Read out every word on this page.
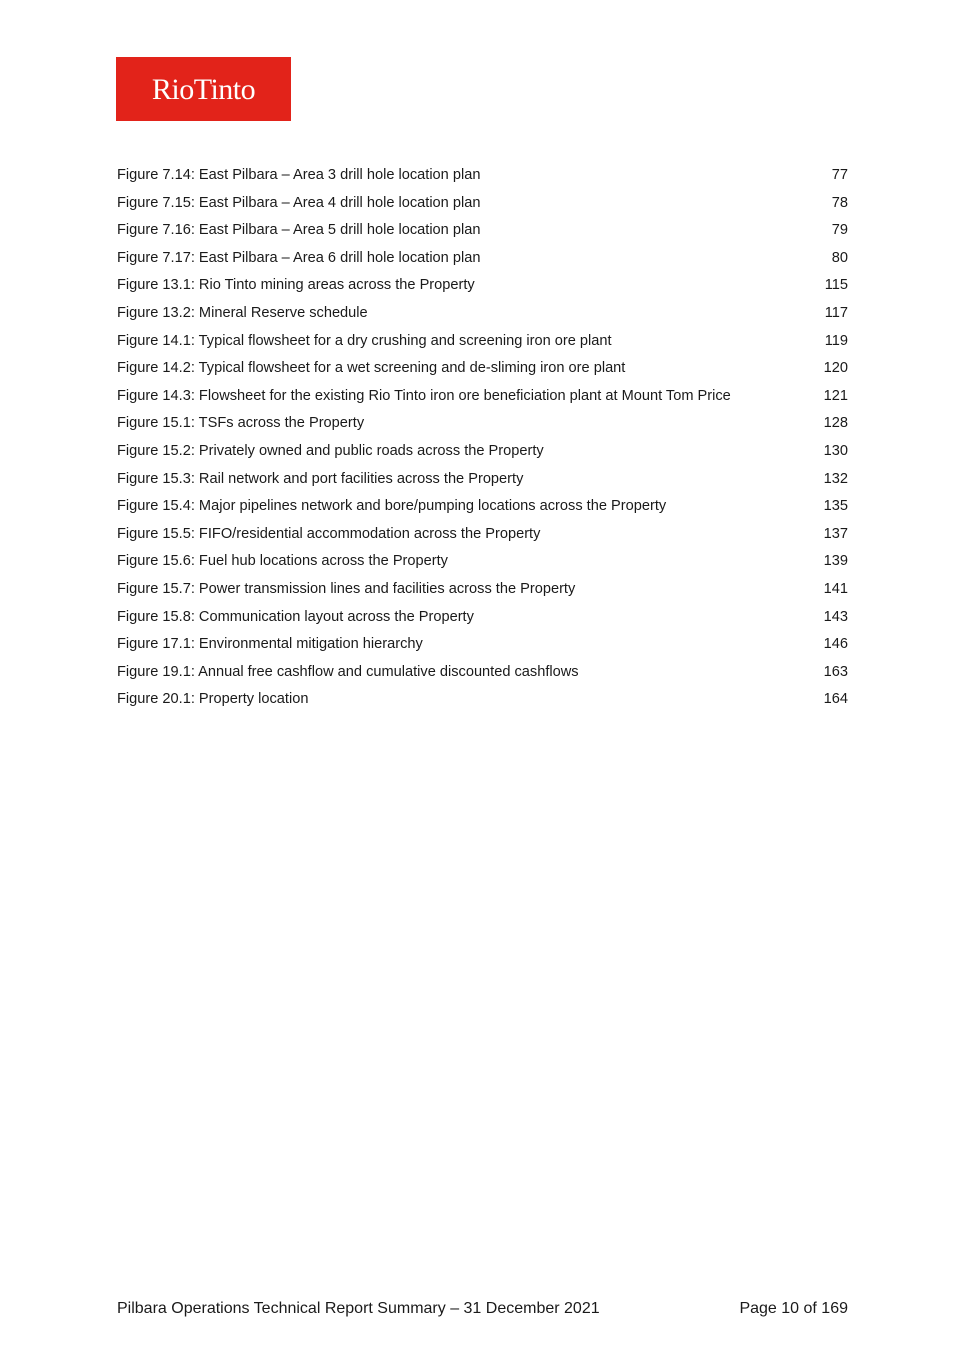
RioTinto
Figure 7.14: East Pilbara – Area 3 drill hole location plan	77
Figure 7.15: East Pilbara – Area 4 drill hole location plan	78
Figure 7.16: East Pilbara – Area 5 drill hole location plan	79
Figure 7.17: East Pilbara – Area 6 drill hole location plan	80
Figure 13.1: Rio Tinto mining areas across the Property	115
Figure 13.2: Mineral Reserve schedule	117
Figure 14.1: Typical flowsheet for a dry crushing and screening iron ore plant	119
Figure 14.2: Typical flowsheet for a wet screening and de-sliming iron ore plant	120
Figure 14.3: Flowsheet for the existing Rio Tinto iron ore beneficiation plant at Mount Tom Price	121
Figure 15.1: TSFs across the Property	128
Figure 15.2: Privately owned and public roads across the Property	130
Figure 15.3: Rail network and port facilities across the Property	132
Figure 15.4: Major pipelines network and bore/pumping locations across the Property	135
Figure 15.5: FIFO/residential accommodation across the Property	137
Figure 15.6: Fuel hub locations across the Property	139
Figure 15.7: Power transmission lines and facilities across the Property	141
Figure 15.8: Communication layout across the Property	143
Figure 17.1: Environmental mitigation hierarchy	146
Figure 19.1: Annual free cashflow and cumulative discounted cashflows	163
Figure 20.1: Property location	164
Pilbara Operations Technical Report Summary – 31 December 2021	Page 10 of 169
